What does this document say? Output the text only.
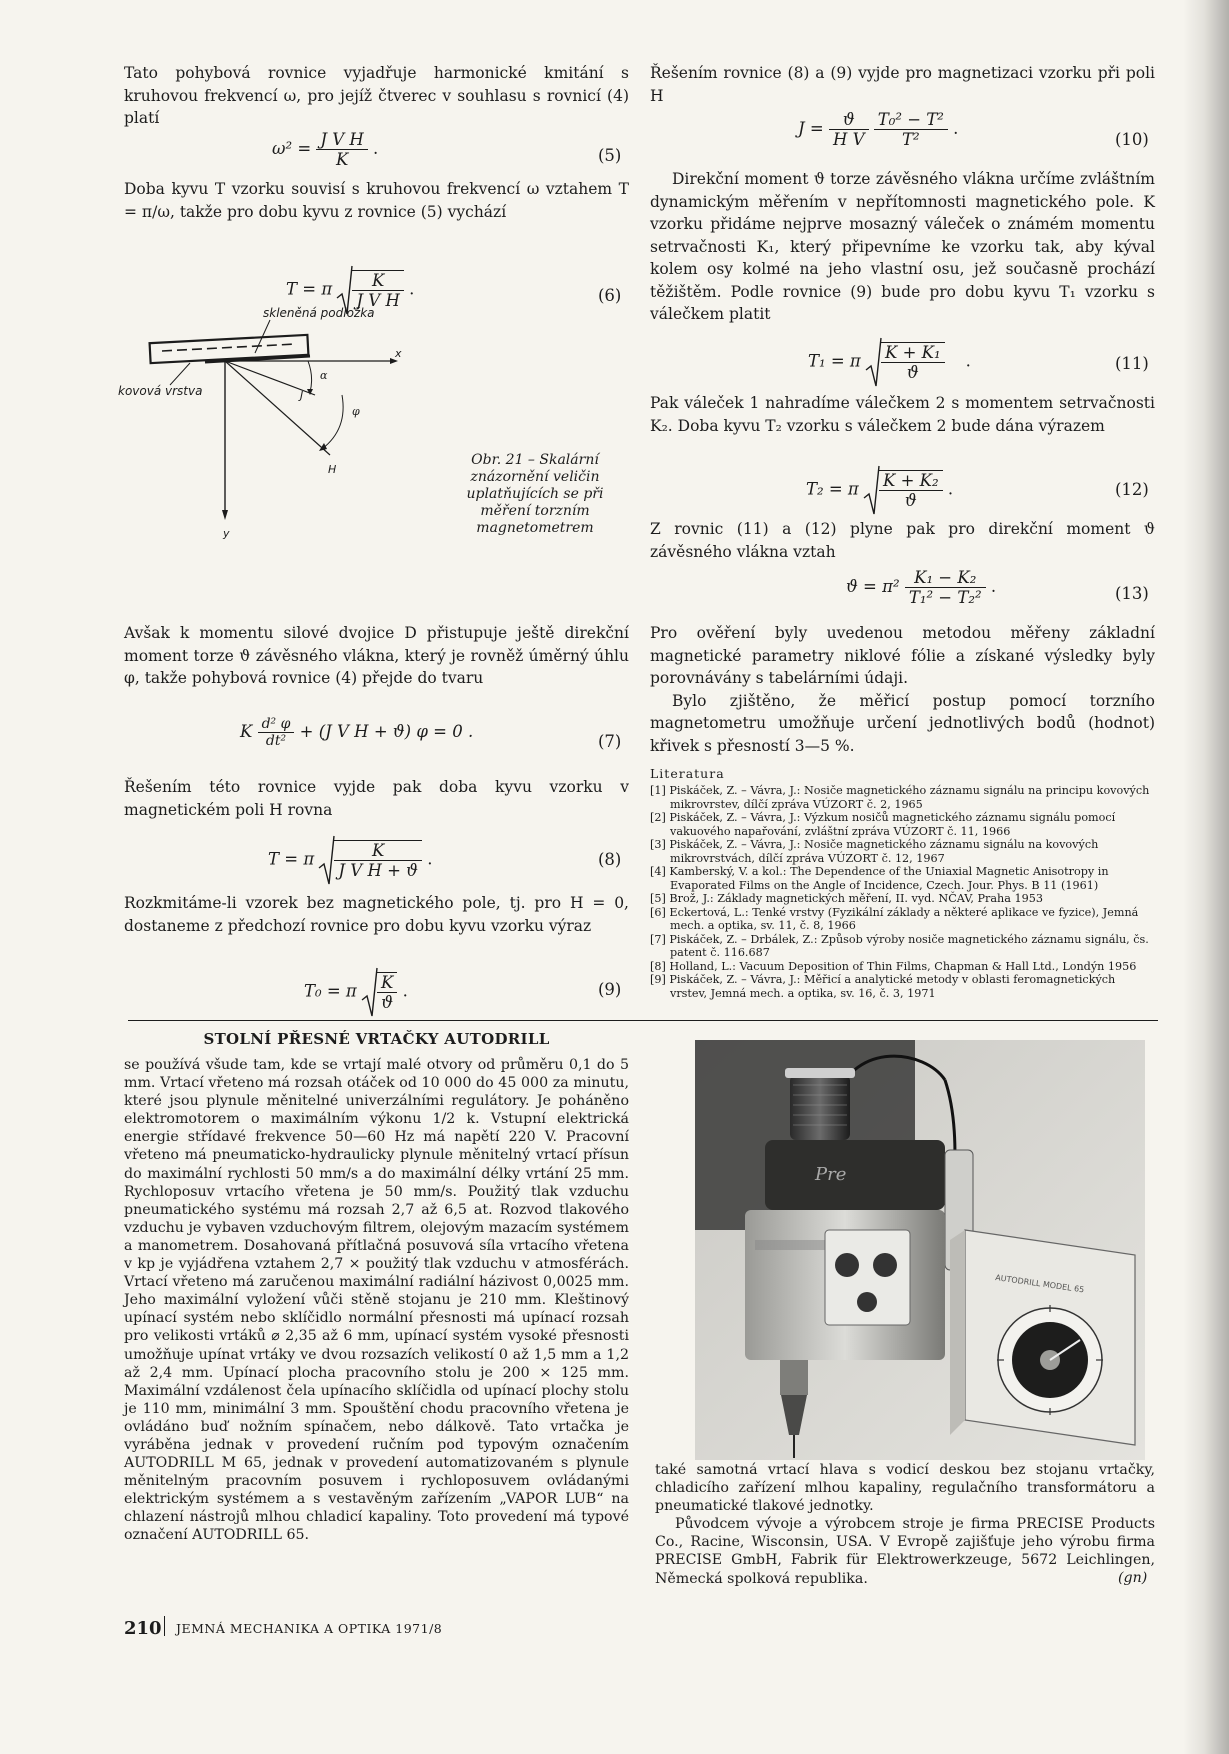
Tato pohybová rovnice vyjadřuje harmonické kmitání s kruhovou frekvencí ω, pro jejíž čtverec v souhlasu s rovnicí (4) platí

$\omega^2 = \frac{\text{J V H}}{K}$ .	(5)

Doba kyvu T vzorku souvisí s kruhovou frekvencí ω vztahem T = π/ω, takže pro dobu kyvu z rovnice (5) vychází

T = π $\frac{K}{\text{J V H}}$ .	(6)
skleněná podložka
kovová vrstva
x
y
α
J
φ
H
Obr. 21 – Skalární znázornění veličin uplatňujících se při měření torzním magnetometrem

Avšak k momentu silové dvojice D přistupuje ještě direkční moment torze ϑ závěsného vlákna, který je rovněž úměrný úhlu φ, takže pohybová rovnice (4) přejde do tvaru

K $\frac{\text{d² φ}}{\text{dt²}} + (J$ V H + ϑ) φ = 0 .
(7)

Řešením této rovnice vyjde pak doba kyvu vzorku v magnetickém poli H rovna

T = π $\frac{K}{\text{J V H + ϑ}}$ .	(8)

Rozkmitáme-li vzorek bez magnetického pole, tj. pro H = 0, dostaneme z předchozí rovnice pro dobu kyvu vzorku výraz

T₀ = π $\frac{K}{ϑ}$ .	(9)

Řešením rovnice (8) a (9) vyjde pro magnetizaci vzorku při poli H

$J = \frac{ϑ}{\text{H V}}$
$\frac{\text{T₀² − T²}}{\text{T²}}$ .
(10)

Direkční moment ϑ torze závěsného vlákna určíme zvláštním dynamickým měřením v nepřítomnosti magnetického pole. K vzorku přidáme nejprve mosazný váleček o známém momentu setrvačnosti K₁, který připevníme ke vzorku tak, aby kýval kolem osy kolmé na jeho vlastní osu, jež současně prochází těžištěm. Podle rovnice (9) bude pro dobu kyvu T₁ vzorku s válečkem platit

T₁ = π $\frac{\text{K + K₁}}{ϑ}$ .	(11)

Pak váleček 1 nahradíme válečkem 2 s momentem setrvačnosti K₂. Doba kyvu T₂ vzorku s válečkem 2 bude dána výrazem

T₂ = π $\frac{\text{K + K₂}}{ϑ}$ .	(12)

Z rovnic (11) a (12) plyne pak pro direkční moment ϑ závěsného vlákna vztah

$ϑ = \pi^2 \frac{\text{K₁ − K₂}}{\text{T₁² − T₂²}}$ .	(13)

Pro ověření byly uvedenou metodou měřeny základní magnetické parametry niklové fólie a získané výsledky byly porovnávány s tabelárními údaji.

Bylo zjištěno, že měřicí postup pomocí torzního magnetometru umožňuje určení jednotlivých bodů (hodnot) křivek s přesností 3—5 %.

Literatura
[1] Piskáček, Z. – Vávra, J.: Nosiče magnetického záznamu signálu na principu kovových mikrovrstev, dílčí zpráva VÚZORT č. 2, 1965
[2] Piskáček, Z. – Vávra, J.: Výzkum nosičů magnetického záznamu signálu pomocí vakuového napařování, zvláštní zpráva VÚZORT č. 11, 1966
[3] Piskáček, Z. – Vávra, J.: Nosiče magnetického záznamu signálu na kovových mikrovrstvách, dílčí zpráva VÚZORT č. 12, 1967
[4] Kamberský, V. a kol.: The Dependence of the Uniaxial Magnetic Anisotropy in Evaporated Films on the Angle of Incidence, Czech. Jour. Phys. B 11 (1961)
[5] Brož, J.: Základy magnetických měření, II. vyd. NČAV, Praha 1953
[6] Eckertová, L.: Tenké vrstvy (Fyzikální základy a některé aplikace ve fyzice), Jemná mech. a optika, sv. 11, č. 8, 1966
[7] Piskáček, Z. – Drbálek, Z.: Způsob výroby nosiče magnetického záznamu signálu, čs. patent č. 116.687
[8] Holland, L.: Vacuum Deposition of Thin Films, Chapman & Hall Ltd., Londýn 1956
[9] Piskáček, Z. – Vávra, J.: Měřicí a analytické metody v oblasti feromagnetických vrstev, Jemná mech. a optika, sv. 16, č. 3, 1971
STOLNÍ PŘESNÉ VRTAČKY AUTODRILL
se používá všude tam, kde se vrtají malé otvory od průměru 0,1 do 5 mm. Vrtací vřeteno má rozsah otáček od 10 000 do 45 000 za minutu, které jsou plynule měnitelné univerzálními regulátory. Je poháněno elektromotorem o maximálním výkonu 1/2 k. Vstupní elektrická energie střídavé frekvence 50—60 Hz má napětí 220 V. Pracovní vřeteno má pneumaticko-hydraulicky plynule měnitelný vrtací přísun do maximální rychlosti 50 mm/s a do maximální délky vrtání 25 mm. Rychloposuv vrtacího vřetena je 50 mm/s. Použitý tlak vzduchu pneumatického systému má rozsah 2,7 až 6,5 at. Rozvod tlakového vzduchu je vybaven vzduchovým filtrem, olejovým mazacím systémem a manometrem. Dosahovaná přítlačná posuvová síla vrtacího vřetena v kp je vyjádřena vztahem 2,7 × použitý tlak vzduchu v atmosférách. Vrtací vřeteno má zaručenou maximální radiální házivost 0,0025 mm. Jeho maximální vyložení vůči stěně stojanu je 210 mm. Kleštinový upínací systém nebo sklíčidlo normální přesnosti má upínací rozsah pro velikosti vrtáků ⌀ 2,35 až 6 mm, upínací systém vysoké přesnosti umožňuje upínat vrtáky ve dvou rozsazích velikostí 0 až 1,5 mm a 1,2 až 2,4 mm. Upínací plocha pracovního stolu je 200 × 125 mm. Maximální vzdálenost čela upínacího sklíčidla od upínací plochy stolu je 110 mm, minimální 3 mm. Spouštění chodu pracovního vřetena je ovládáno buď nožním spínačem, nebo dálkově. Tato vrtačka je vyráběna jednak v provedení ručním pod typovým označením AUTODRILL M 65, jednak v provedení automatizovaném s plynule měnitelným pracovním posuvem i rychloposuvem ovládanými elektrickým systémem a s vestavěným zařízením „VAPOR LUB“ na chlazení nástrojů mlhou chladicí kapaliny. Toto provedení má typové označení AUTODRILL 65.
Pre
AUTODRILL MODEL 65

také samotná vrtací hlava s vodicí deskou bez stojanu vrtačky, chladicího zařízení mlhou kapaliny, regulačního transformátoru a pneumatické tlakové jednotky.

Původcem vývoje a výrobcem stroje je firma PRECISE Products Co., Racine, Wisconsin, USA. V Evropě zajišťuje jeho výrobu firma PRECISE GmbH, Fabrik für Elektrowerkzeuge, 5672 Leichlingen, Německá spolková republika.	(gn)
210 JEMNÁ MECHANIKA A OPTIKA 1971/8
